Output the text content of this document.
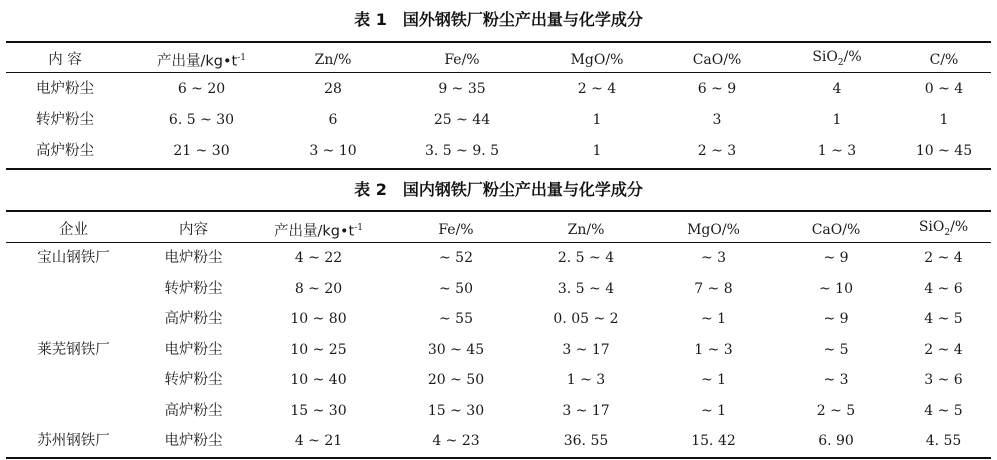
表 1　国外钢铁厂粉尘产出量与化学成分
内 容	产出量$/kg•t^{-1}$	Zn/%	Fe/%	MgO/%	CaO/%	SiO$_2$/%	C/%
电炉粉尘	6 ~ 20	28	9 ~ 35	2 ~ 4	6 ~ 9	4	0 ~ 4
转炉粉尘	6. 5 ~ 30	6	25 ~ 44	1	3	1	1
高炉粉尘	21 ~ 30	3 ~ 10	3. 5 ~ 9. 5	1	2 ~ 3	1 ~ 3	10 ~ 45
表 2　国内钢铁厂粉尘产出量与化学成分
企业	内容	产出量$/kg•t^{-1}$	Fe/%	Zn/%	MgO/%	CaO/%	SiO$_2$/%
宝山钢铁厂	电炉粉尘	4 ~ 22	~ 52	2. 5 ~ 4	~ 3	~ 9	2 ~ 4
	转炉粉尘	8 ~ 20	~ 50	3. 5 ~ 4	7 ~ 8	~ 10	4 ~ 6
	高炉粉尘	10 ~ 80	~ 55	0. 05 ~ 2	~ 1	~ 9	4 ~ 5
莱芜钢铁厂	电炉粉尘	10 ~ 25	30 ~ 45	3 ~ 17	1 ~ 3	~ 5	2 ~ 4
	转炉粉尘	10 ~ 40	20 ~ 50	1 ~ 3	~ 1	~ 3	3 ~ 6
	高炉粉尘	15 ~ 30	15 ~ 30	3 ~ 17	~ 1	2 ~ 5	4 ~ 5
苏州钢铁厂	电炉粉尘	4 ~ 21	4 ~ 23	36. 55	15. 42	6. 90	4. 55
